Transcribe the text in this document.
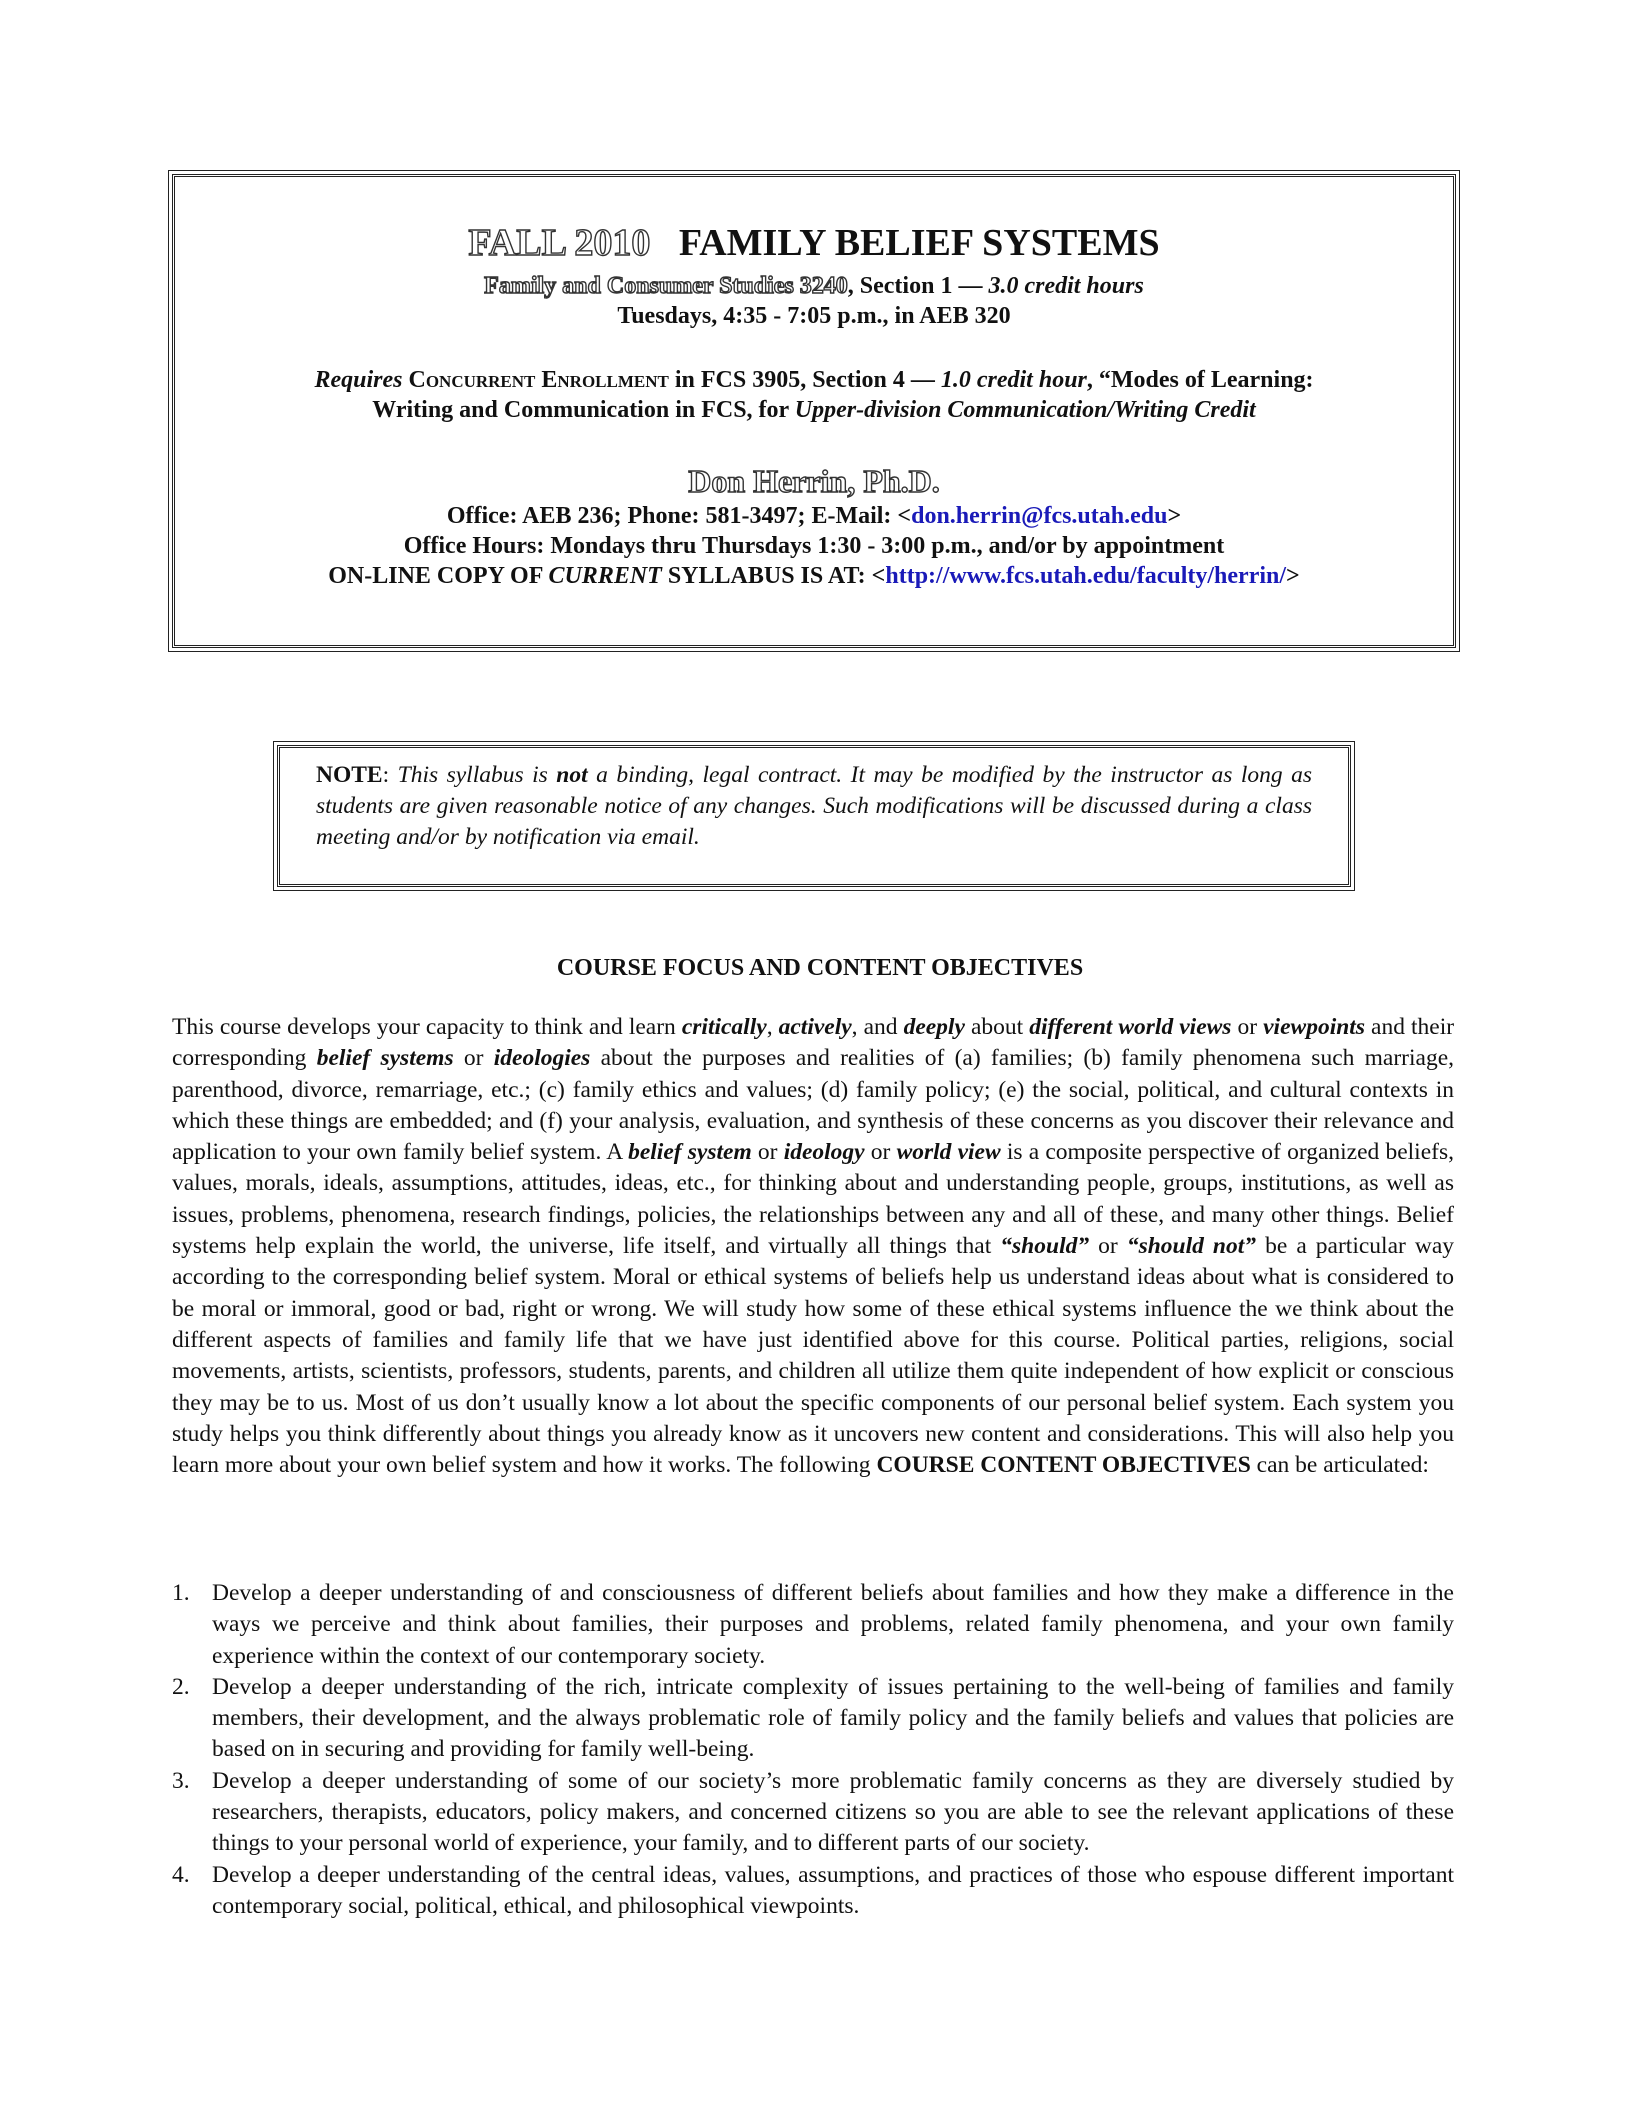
FALL 2010 FAMILY BELIEF SYSTEMS
Family and Consumer Studies 3240, Section 1 — 3.0 credit hours
Tuesdays, 4:35 - 7:05 p.m., in AEB 320
Requires Concurrent Enrollment in FCS 3905, Section 4 — 1.0 credit hour, “Modes of Learning:
Writing and Communication in FCS, for Upper-division Communication/Writing Credit
Don Herrin, Ph.D.
Office: AEB 236; Phone: 581-3497; E-Mail: <don.herrin@fcs.utah.edu>
Office Hours: Mondays thru Thursdays 1:30 - 3:00 p.m., and/or by appointment
ON-LINE COPY OF CURRENT SYLLABUS IS AT: <http://www.fcs.utah.edu/faculty/herrin/>
NOTE: This syllabus is not a binding, legal contract. It may be modified by the instructor as long as students are given reasonable notice of any changes. Such modifications will be discussed during a class meeting and/or by notification via email.
COURSE FOCUS AND CONTENT OBJECTIVES
This course develops your capacity to think and learn critically, actively, and deeply about different world views or viewpoints and their corresponding belief systems or ideologies about the purposes and realities of (a) families; (b) family phenomena such marriage, parenthood, divorce, remarriage, etc.; (c) family ethics and values; (d) family policy; (e) the social, political, and cultural contexts in which these things are embedded; and (f) your analysis, evaluation, and synthesis of these concerns as you discover their relevance and application to your own family belief system. A belief system or ideology or world view is a composite perspective of organized beliefs, values, morals, ideals, assumptions, attitudes, ideas, etc., for thinking about and understanding people, groups, institutions, as well as issues, problems, phenomena, research findings, policies, the relationships between any and all of these, and many other things. Belief systems help explain the world, the universe, life itself, and virtually all things that “should” or “should not” be a particular way according to the corresponding belief system. Moral or ethical systems of beliefs help us understand ideas about what is considered to be moral or immoral, good or bad, right or wrong. We will study how some of these ethical systems influence the we think about the different aspects of families and family life that we have just identified above for this course. Political parties, religions, social movements, artists, scientists, professors, students, parents, and children all utilize them quite independent of how explicit or conscious they may be to us. Most of us don’t usually know a lot about the specific components of our personal belief system. Each system you study helps you think differently about things you already know as it uncovers new content and considerations. This will also help you learn more about your own belief system and how it works. The following COURSE CONTENT OBJECTIVES can be articulated:
1. Develop a deeper understanding of and consciousness of different beliefs about families and how they make a difference in the ways we perceive and think about families, their purposes and problems, related family phenomena, and your own family experience within the context of our contemporary society.
2. Develop a deeper understanding of the rich, intricate complexity of issues pertaining to the well-being of families and family members, their development, and the always problematic role of family policy and the family beliefs and values that policies are based on in securing and providing for family well-being.
3. Develop a deeper understanding of some of our society’s more problematic family concerns as they are diversely studied by researchers, therapists, educators, policy makers, and concerned citizens so you are able to see the relevant applications of these things to your personal world of experience, your family, and to different parts of our society.
4. Develop a deeper understanding of the central ideas, values, assumptions, and practices of those who espouse different important contemporary social, political, ethical, and philosophical viewpoints.
